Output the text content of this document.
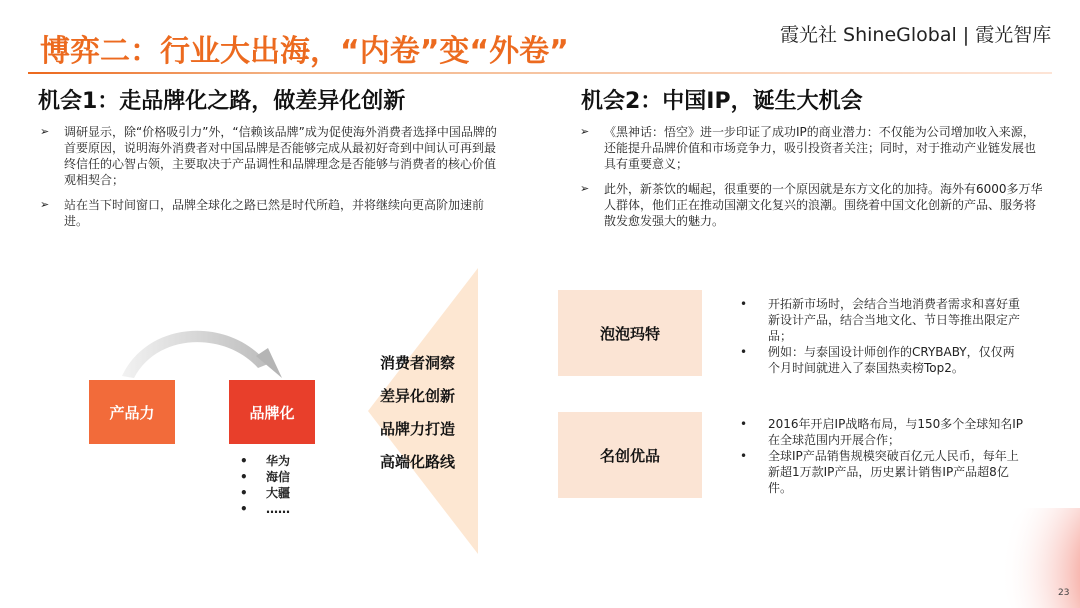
博弈二：行业大出海，“内卷”变“外卷”	霞光社 ShineGlobal | 霞光智库
机会1：走品牌化之路，做差异化创新
➢ 调研显示，除“价格吸引力”外，“信赖该品牌”成为促使海外消费者选择中国品牌的首要原因，说明海外消费者对中国品牌是否能够完成从最初好奇到中间认可再到最终信任的心智占领，主要取决于产品调性和品牌理念是否能够与消费者的核心价值观相契合；
➢ 站在当下时间窗口，品牌全球化之路已然是时代所趋，并将继续向更高阶加速前进。
机会2：中国IP，诞生大机会
➢ 《黑神话：悟空》进一步印证了成功IP的商业潜力：不仅能为公司增加收入来源，还能提升品牌价值和市场竞争力，吸引投资者关注；同时，对于推动产业链发展也具有重要意义；
➢ 此外，新茶饮的崛起，很重要的一个原因就是东方文化的加持。海外有6000多万华人群体，他们正在推动国潮文化复兴的浪潮。围绕着中国文化创新的产品、服务将散发愈发强大的魅力。
产品力	品牌化
• 华为
• 海信
• 大疆
• ……
消费者洞察
差异化创新
品牌力打造
高端化路线
泡泡玛特
• 开拓新市场时，会结合当地消费者需求和喜好重新设计产品，结合当地文化、节日等推出限定产品；
• 例如：与泰国设计师创作的CRYBABY，仅仅两个月时间就进入了泰国热卖榜Top2。
名创优品
• 2016年开启IP战略布局，与150多个全球知名IP在全球范围内开展合作；
• 全球IP产品销售规模突破百亿元人民币，每年上新超1万款IP产品，历史累计销售IP产品超8亿件。
23
